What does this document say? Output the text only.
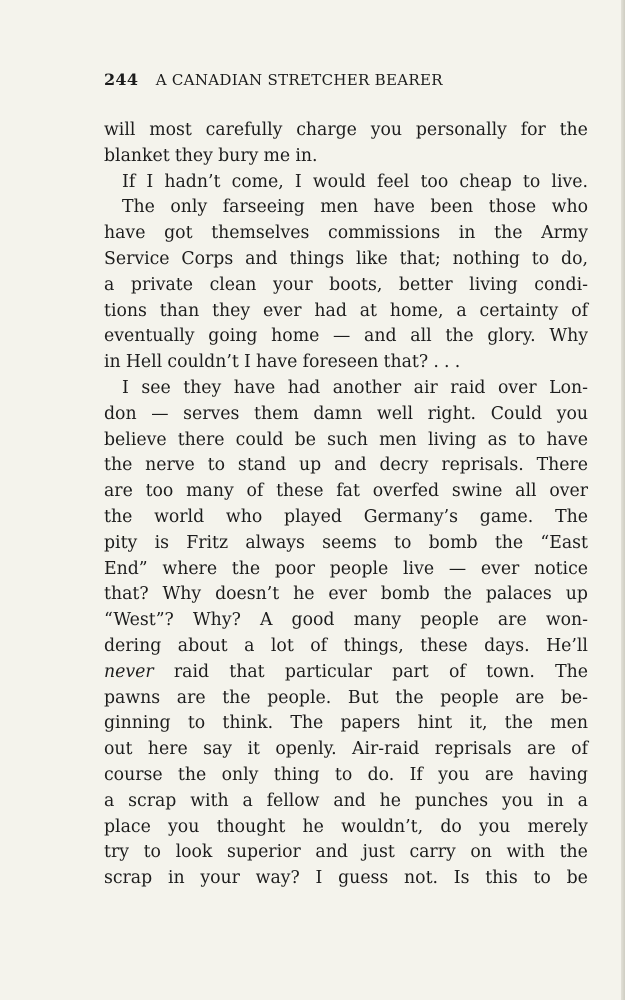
244 A CANADIAN STRETCHER BEARER
will most carefully charge you personally for the
blanket they bury me in.
If I hadn’t come, I would feel too cheap to live.
The only farseeing men have been those who
have got themselves commissions in the Army
Service Corps and things like that; nothing to do,
a private clean your boots, better living condi-
tions than they ever had at home, a certainty of
eventually going home — and all the glory. Why
in Hell couldn’t I have foreseen that? . . .
I see they have had another air raid over Lon-
don — serves them damn well right. Could you
believe there could be such men living as to have
the nerve to stand up and decry reprisals. There
are too many of these fat overfed swine all over
the world who played Germany’s game. The
pity is Fritz always seems to bomb the “East
End” where the poor people live — ever notice
that? Why doesn’t he ever bomb the palaces up
“West”? Why? A good many people are won-
dering about a lot of things, these days. He’ll
never raid that particular part of town. The
pawns are the people. But the people are be-
ginning to think. The papers hint it, the men
out here say it openly. Air-raid reprisals are of
course the only thing to do. If you are having
a scrap with a fellow and he punches you in a
place you thought he wouldn’t, do you merely
try to look superior and just carry on with the
scrap in your way? I guess not. Is this to be
